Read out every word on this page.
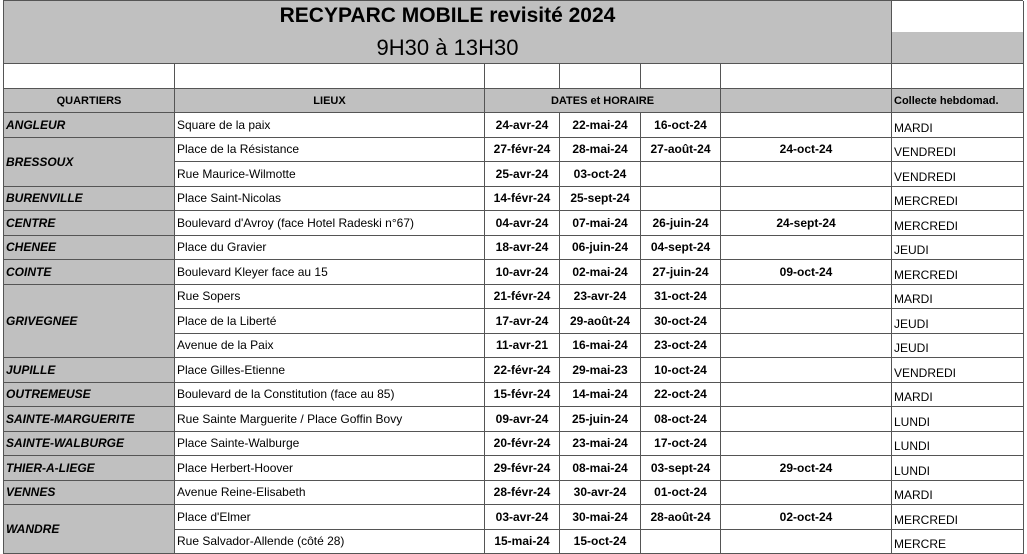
RECYPARC MOBILE revisité 2024
9H30 à 13H30
QUARTIERS	LIEUX	DATES et HORAIRE	Collecte hebdomad.
ANGLEUR	Square de la paix	24-avr-24	22-mai-24	16-oct-24	MARDI
BRESSOUX
Place de la Résistance	27-févr-24	28-mai-24	27-août-24	24-oct-24	VENDREDI
Rue Maurice-Wilmotte	25-avr-24	03-oct-24	VENDREDI
BURENVILLE	Place Saint-Nicolas	14-févr-24	25-sept-24	MERCREDI
CENTRE	Boulevard d'Avroy (face Hotel Radeski n°67)	04-avr-24	07-mai-24	26-juin-24	24-sept-24	MERCREDI
CHENEE	Place du Gravier	18-avr-24	06-juin-24	04-sept-24	JEUDI
COINTE	Boulevard Kleyer face au 15	10-avr-24	02-mai-24	27-juin-24	09-oct-24	MERCREDI
GRIVEGNEE
Rue Sopers	21-févr-24	23-avr-24	31-oct-24	MARDI
Place de la Liberté	17-avr-24	29-août-24	30-oct-24	JEUDI
Avenue de la Paix	11-avr-21	16-mai-24	23-oct-24	JEUDI
JUPILLE	Place Gilles-Etienne	22-févr-24	29-mai-23	10-oct-24	VENDREDI
OUTREMEUSE	Boulevard de la Constitution (face au 85)	15-févr-24	14-mai-24	22-oct-24	MARDI
SAINTE-MARGUERITE	Rue Sainte Marguerite / Place Goffin Bovy	09-avr-24	25-juin-24	08-oct-24	LUNDI
SAINTE-WALBURGE	Place Sainte-Walburge	20-févr-24	23-mai-24	17-oct-24	LUNDI
THIER-A-LIEGE	Place Herbert-Hoover	29-févr-24	08-mai-24	03-sept-24	29-oct-24	LUNDI
VENNES	Avenue Reine-Elisabeth	28-févr-24	30-avr-24	01-oct-24	MARDI
WANDRE
Place d'Elmer	03-avr-24	30-mai-24	28-août-24	02-oct-24	MERCREDI
Rue Salvador-Allende (côté 28)	15-mai-24	15-oct-24	MERCRE
